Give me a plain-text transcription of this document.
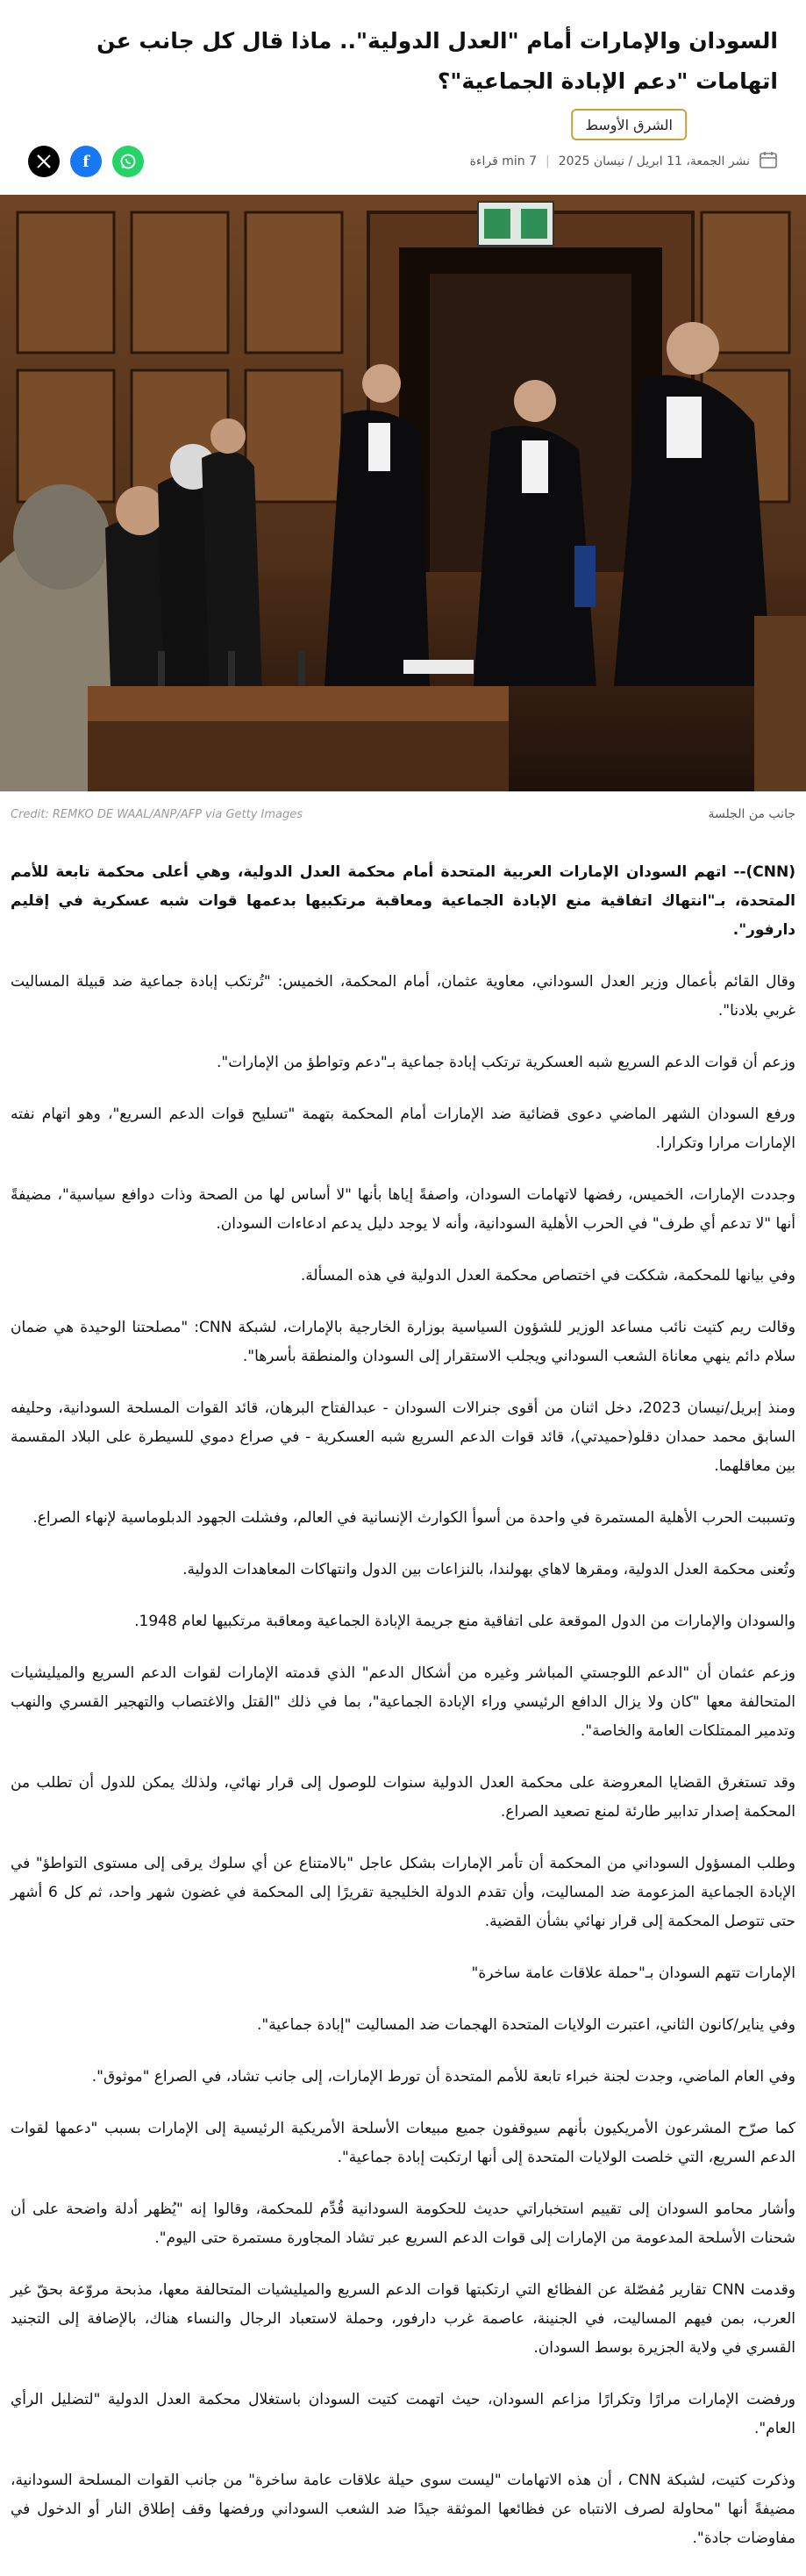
السودان والإمارات أمام "العدل الدولية".. ماذا قال كل جانب عن اتهامات "دعم الإبادة الجماعية"؟
الشرق الأوسط
نشر الجمعة، 11 ابريل / نيسان 2025
|
7 min قراءة
f
جانب من الجلسة
Credit: REMKO DE WAAL/ANP/AFP via Getty Images

(CNN)-- اتهم السودان الإمارات العربية المتحدة أمام محكمة العدل الدولية، وهي أعلى محكمة تابعة للأمم المتحدة، بـ"انتهاك اتفاقية منع الإبادة الجماعية ومعاقبة مرتكبيها بدعمها قوات شبه عسكرية في إقليم دارفور".

وقال القائم بأعمال وزير العدل السوداني، معاوية عثمان، أمام المحكمة، الخميس: "تُرتكب إبادة جماعية ضد قبيلة المساليت غربي بلادنا".

وزعم أن قوات الدعم السريع شبه العسكرية ترتكب إبادة جماعية بـ"دعم وتواطؤ من الإمارات".

ورفع السودان الشهر الماضي دعوى قضائية ضد الإمارات أمام المحكمة بتهمة "تسليح قوات الدعم السريع"، وهو اتهام نفته الإمارات مرارا وتكرارا.

وجددت الإمارات، الخميس، رفضها لاتهامات السودان، واصفةً إياها بأنها "لا أساس لها من الصحة وذات دوافع سياسية"، مضيفةً أنها "لا تدعم أي طرف" في الحرب الأهلية السودانية، وأنه لا يوجد دليل يدعم ادعاءات السودان.

وفي بيانها للمحكمة، شككت في اختصاص محكمة العدل الدولية في هذه المسألة.

وقالت ريم كتيت نائب مساعد الوزير للشؤون السياسية بوزارة الخارجية بالإمارات، لشبكة CNN: "مصلحتنا الوحيدة هي ضمان سلام دائم ينهي معاناة الشعب السوداني ويجلب الاستقرار إلى السودان والمنطقة بأسرها".

ومنذ إبريل/نيسان 2023، دخل اثنان من أقوى جنرالات السودان - عبدالفتاح البرهان، قائد القوات المسلحة السودانية، وحليفه السابق محمد حمدان دقلو(حميدتي)، قائد قوات الدعم السريع شبه العسكرية - في صراع دموي للسيطرة على البلاد المقسمة بين معاقلهما.

وتسببت الحرب الأهلية المستمرة في واحدة من أسوأ الكوارث الإنسانية في العالم، وفشلت الجهود الدبلوماسية لإنهاء الصراع.

وتُعنى محكمة العدل الدولية، ومقرها لاهاي بهولندا، بالنزاعات بين الدول وانتهاكات المعاهدات الدولية.

والسودان والإمارات من الدول الموقعة على اتفاقية منع جريمة الإبادة الجماعية ومعاقبة مرتكبيها لعام 1948.

وزعم عثمان أن "الدعم اللوجستي المباشر وغيره من أشكال الدعم" الذي قدمته الإمارات لقوات الدعم السريع والميليشيات المتحالفة معها "كان ولا يزال الدافع الرئيسي وراء الإبادة الجماعية"، بما في ذلك "القتل والاغتصاب والتهجير القسري والنهب وتدمير الممتلكات العامة والخاصة".

وقد تستغرق القضايا المعروضة على محكمة العدل الدولية سنوات للوصول إلى قرار نهائي، ولذلك يمكن للدول أن تطلب من المحكمة إصدار تدابير طارئة لمنع تصعيد الصراع.

وطلب المسؤول السوداني من المحكمة أن تأمر الإمارات بشكل عاجل "بالامتناع عن أي سلوك يرقى إلى مستوى التواطؤ" في الإبادة الجماعية المزعومة ضد المساليت، وأن تقدم الدولة الخليجية تقريرًا إلى المحكمة في غضون شهر واحد، ثم كل 6 أشهر حتى تتوصل المحكمة إلى قرار نهائي بشأن القضية.

الإمارات تتهم السودان بـ"حملة علاقات عامة ساخرة"

وفي يناير/كانون الثاني، اعتبرت الولايات المتحدة الهجمات ضد المساليت "إبادة جماعية".

وفي العام الماضي، وجدت لجنة خبراء تابعة للأمم المتحدة أن تورط الإمارات، إلى جانب تشاد، في الصراع "موثوق".

كما صرّح المشرعون الأمريكيون بأنهم سيوقفون جميع مبيعات الأسلحة الأمريكية الرئيسية إلى الإمارات بسبب "دعمها لقوات الدعم السريع، التي خلصت الولايات المتحدة إلى أنها ارتكبت إبادة جماعية".

وأشار محامو السودان إلى تقييم استخباراتي حديث للحكومة السودانية قُدِّم للمحكمة، وقالوا إنه "يُظهر أدلة واضحة على أن شحنات الأسلحة المدعومة من الإمارات إلى قوات الدعم السريع عبر تشاد المجاورة مستمرة حتى اليوم".

وقدمت CNN تقارير مُفصّلة عن الفظائع التي ارتكبتها قوات الدعم السريع والميليشيات المتحالفة معها، مذبحة مروّعة بحقّ غير العرب، بمن فيهم المساليت، في الجنينة، عاصمة غرب دارفور، وحملة لاستعباد الرجال والنساء هناك، بالإضافة إلى التجنيد القسري في ولاية الجزيرة بوسط السودان.

ورفضت الإمارات مرارًا وتكرارًا مزاعم السودان، حيث اتهمت كتيت السودان باستغلال محكمة العدل الدولية "لتضليل الرأي العام".

وذكرت كتيت، لشبكة CNN ، أن هذه الاتهامات "ليست سوى حيلة علاقات عامة ساخرة" من جانب القوات المسلحة السودانية، مضيفةً أنها "محاولة لصرف الانتباه عن فظائعها الموثقة جيدًا ضد الشعب السوداني ورفضها وقف إطلاق النار أو الدخول في مفاوضات جادة".
